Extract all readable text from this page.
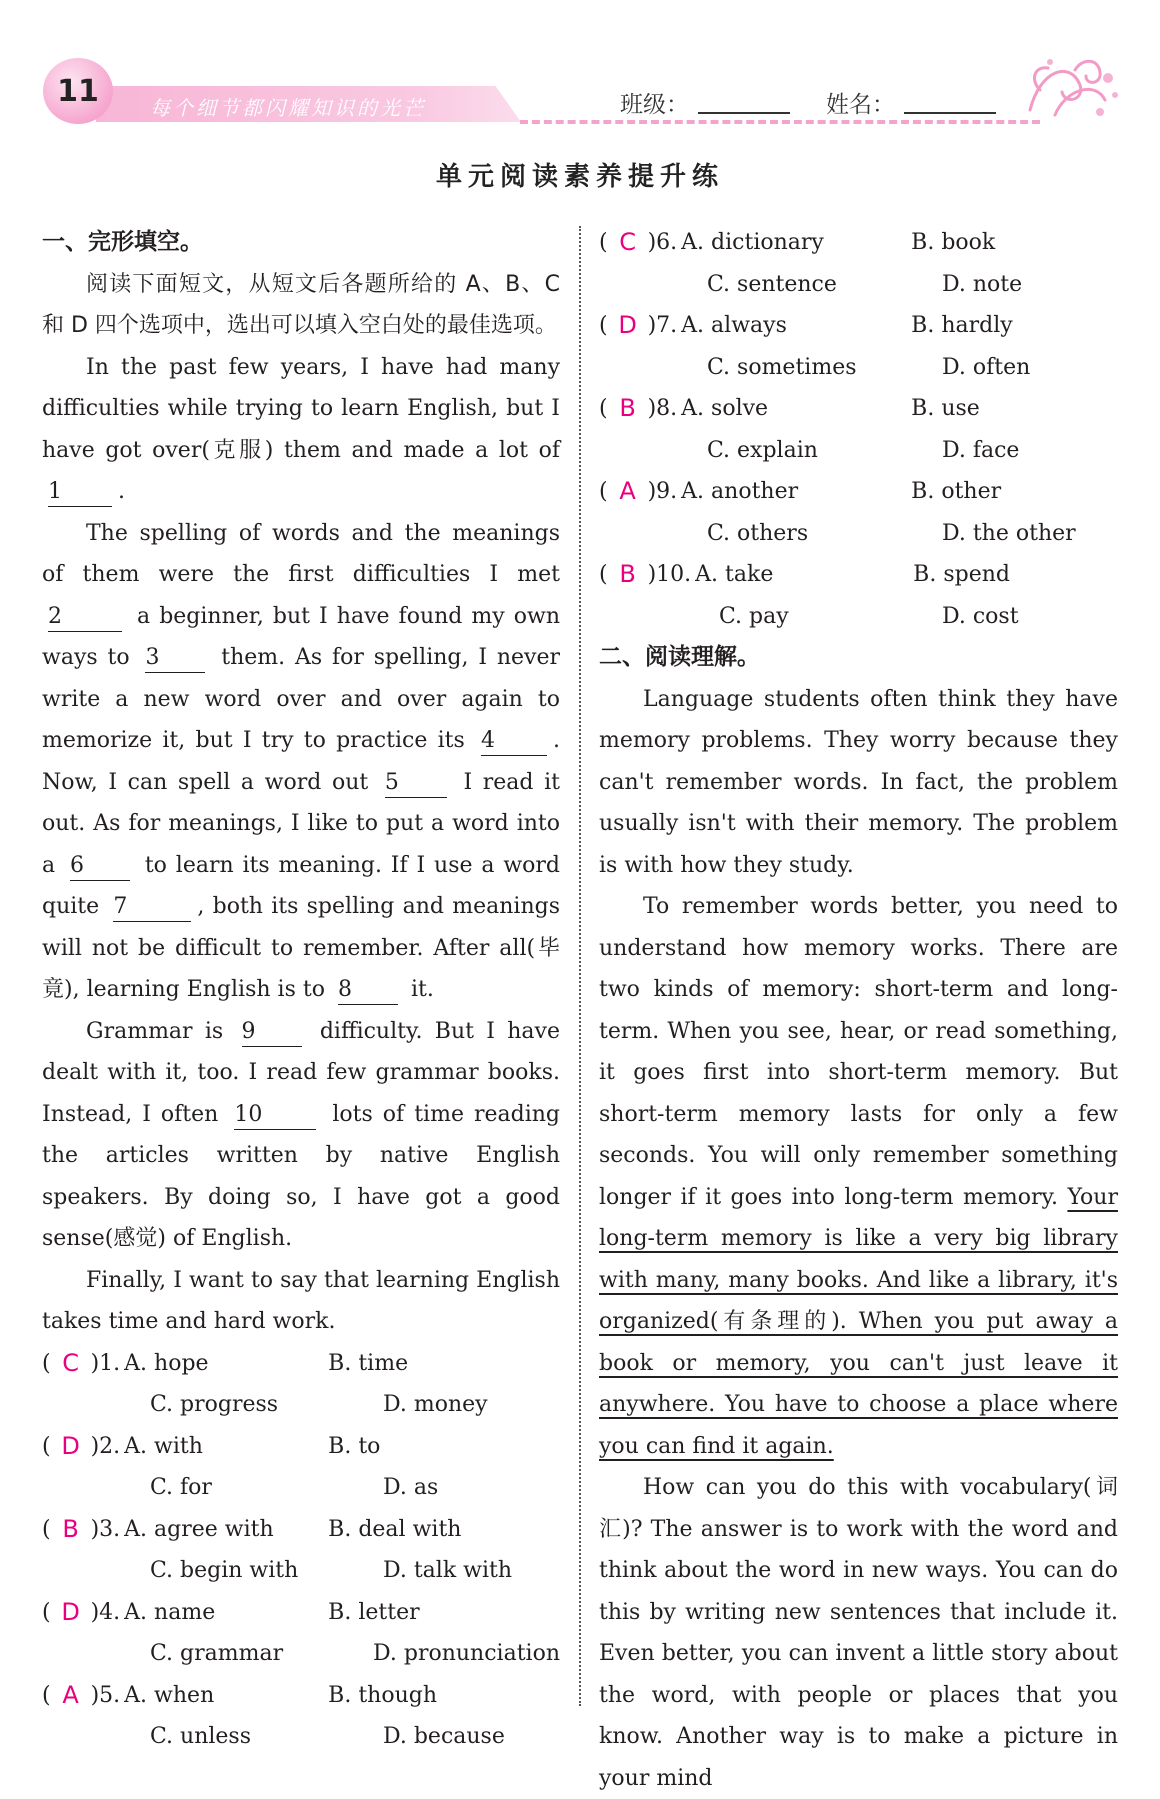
11	每个细节都闪耀知识的光芒	班级：	姓名：
单元阅读素养提升练
一、完形填空。
阅读下面短文，从短文后各题所给的 A、B、C 和 D 四个选项中，选出可以填入空白处的最佳选项。
In the past few years, I have had many difficulties while trying to learn English, but I have got over(克服) them and made a lot of 1	.
The spelling of words and the meanings of them were the first difficulties I met 2	a beginner, but I have found my own ways to 3	them. As for spelling, I never write a new word over and over again to memorize it, but I try to practice its 4	. Now, I can spell a word out 5	I read it out. As for meanings, I like to put a word into a 6	to learn its meaning. If I use a word quite 7	, both its spelling and meanings will not be difficult to remember. After all(毕竟), learning English is to 8	it.
Grammar is 9	difficulty. But I have dealt with it, too. I read few grammar books. Instead, I often 10	lots of time reading the articles written by native English speakers. By doing so, I have got a good sense(感觉) of English.
Finally, I want to say that learning English takes time and hard work.
( C )1. A. hope	B. time
C. progress	D. money
( D )2. A. with	B. to
C. for	D. as
( B )3. A. agree with	B. deal with
C. begin with	D. talk with
( D )4. A. name	B. letter
C. grammar	D. pronunciation
( A )5. A. when	B. though
C. unless	D. because
( C )6. A. dictionary	B. book
C. sentence	D. note
( D )7. A. always	B. hardly
C. sometimes	D. often
( B )8. A. solve	B. use
C. explain	D. face
( A )9. A. another	B. other
C. others	D. the other
( B )10. A. take	B. spend
C. pay	D. cost
二、阅读理解。
Language students often think they have memory problems. They worry because they can't remember words. In fact, the problem usually isn't with their memory. The problem is with how they study.
To remember words better, you need to understand how memory works. There are two kinds of memory: short-term and long-term. When you see, hear, or read something, it goes first into short-term memory. But short-term memory lasts for only a few seconds. You will only remember something longer if it goes into long-term memory. Your long-term memory is like a very big library with many, many books. And like a library, it's organized(有条理的). When you put away a book or memory, you can't just leave it anywhere. You have to choose a place where you can find it again.
How can you do this with vocabulary(词汇)? The answer is to work with the word and think about the word in new ways. You can do this by writing new sentences that include it. Even better, you can invent a little story about the word, with people or places that you know. Another way is to make a picture in your mind
